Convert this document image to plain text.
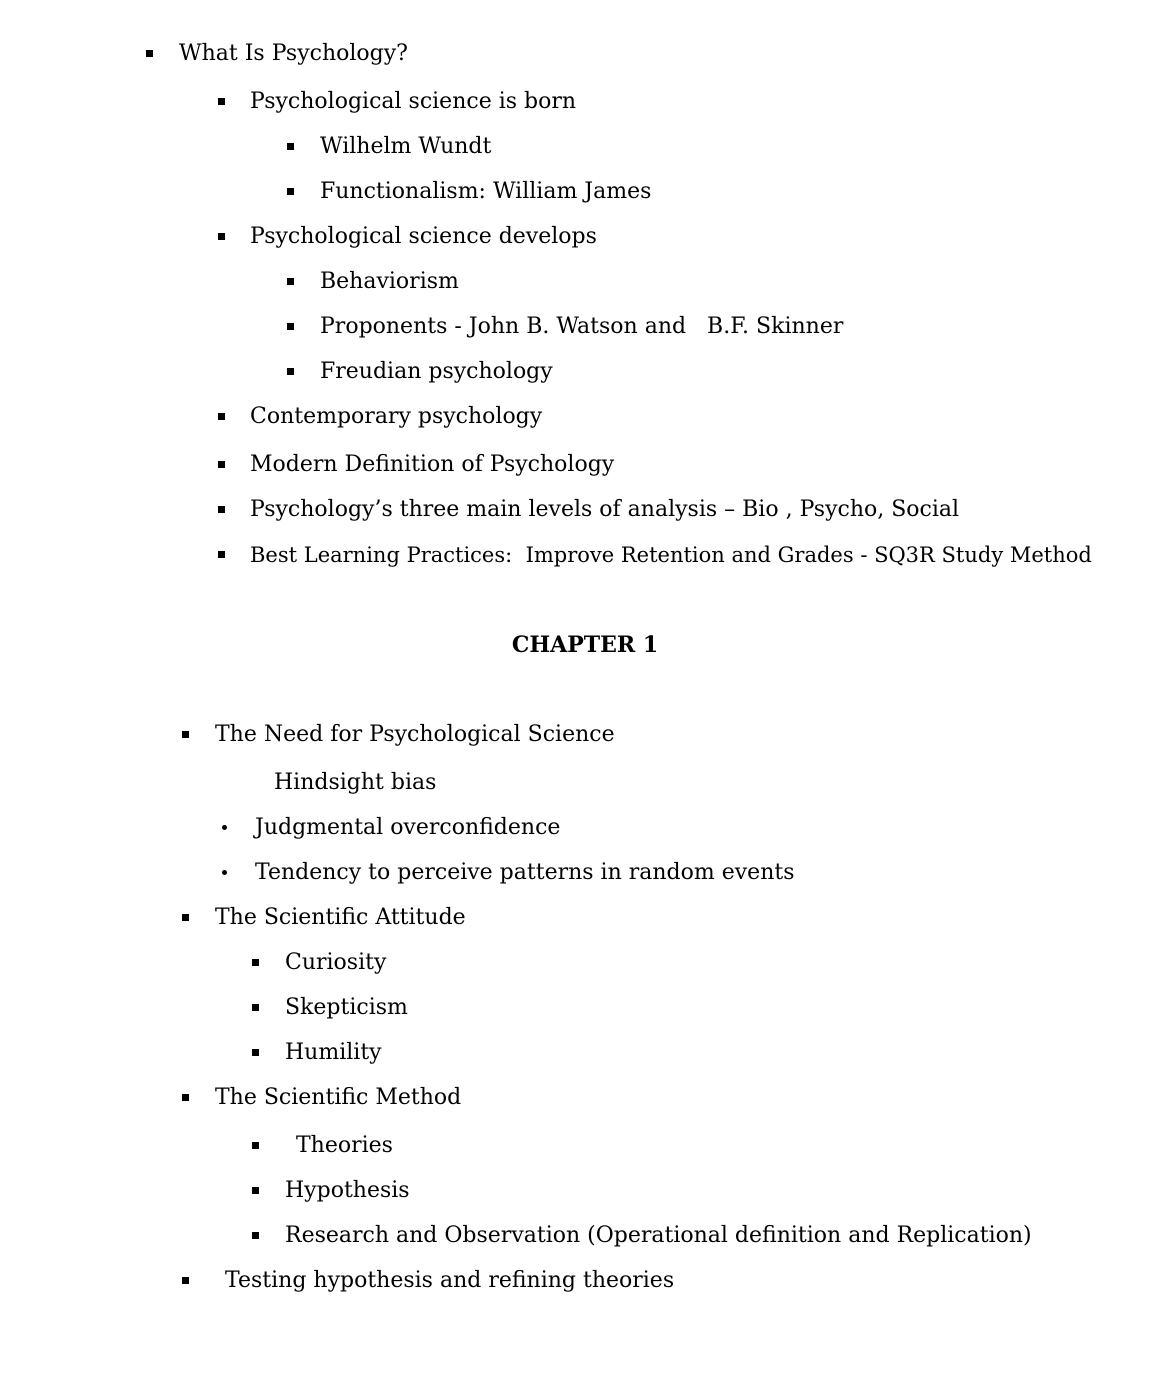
What Is Psychology?
Psychological science is born
Wilhelm Wundt
Functionalism: William James
Psychological science develops
Behaviorism
Proponents - John B. Watson and   B.F. Skinner
Freudian psychology
Contemporary psychology
Modern Definition of Psychology
Psychology’s three main levels of analysis – Bio , Psycho, Social
Best Learning Practices:  Improve Retention and Grades - SQ3R Study Method
CHAPTER 1
The Need for Psychological Science
Hindsight bias
Judgmental overconfidence
Tendency to perceive patterns in random events
The Scientific Attitude
Curiosity
Skepticism
Humility
The Scientific Method
Theories
Hypothesis
Research and Observation (Operational definition and Replication)
Testing hypothesis and refining theories
